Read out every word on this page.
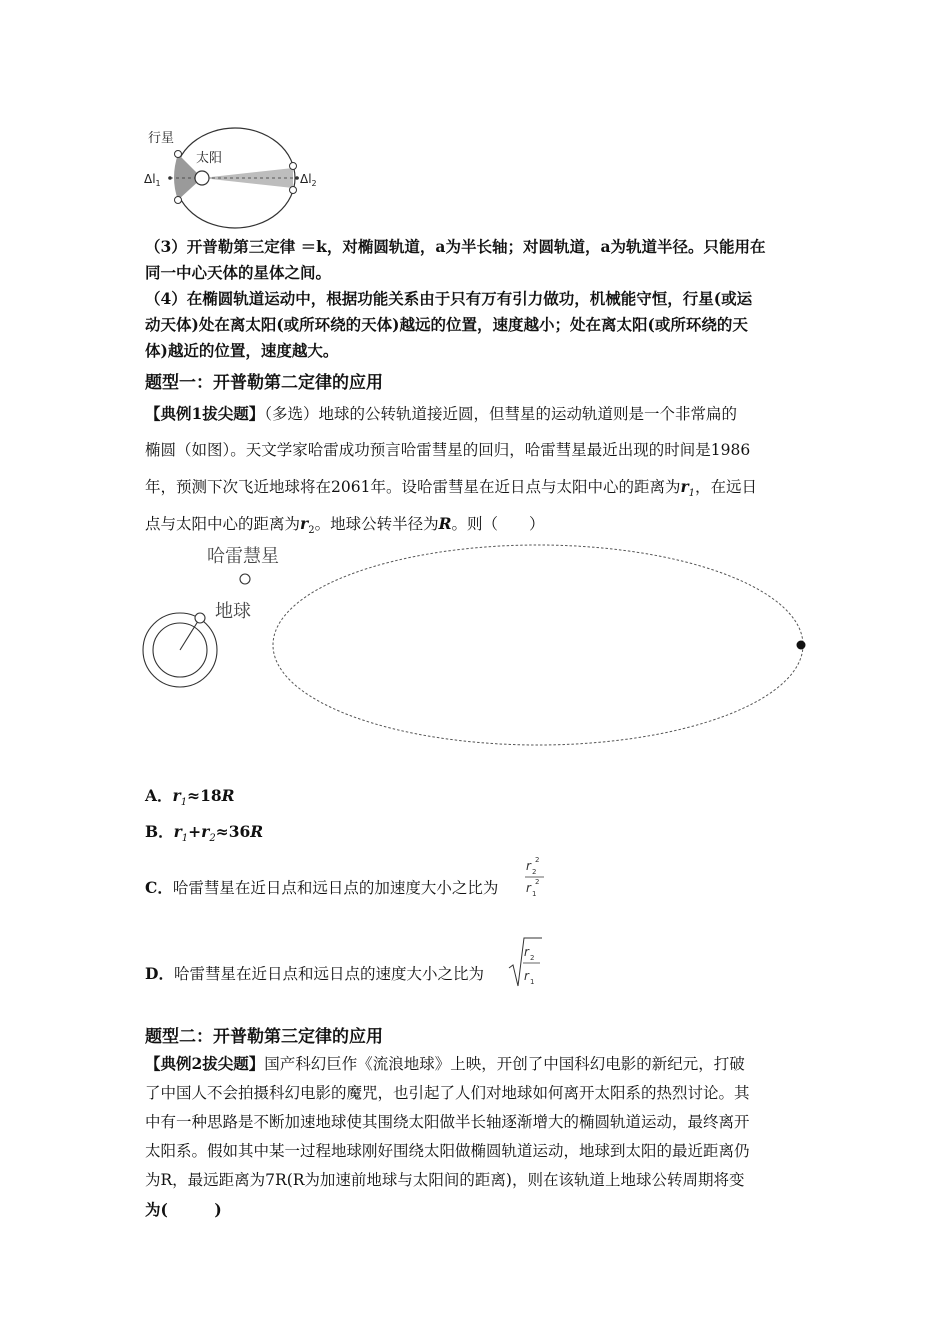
行星
太阳
$\Delta l_1$	$\Delta l_2$
（3）开普勒第三定律 ＝k，对椭圆轨道，a为半长轴；对圆轨道，a为轨道半径。只能用在
同一中心天体的星体之间。
（4）在椭圆轨道运动中，根据功能关系由于只有万有引力做功，机械能守恒，行星(或运
动天体)处在离太阳(或所环绕的天体)越远的位置，速度越小；处在离太阳(或所环绕的天
体)越近的位置，速度越大。
题型一：开普勒第二定律的应用
【典例1拔尖题】（多选）地球的公转轨道接近圆，但彗星的运动轨道则是一个非常扁的
椭圆（如图）。天文学家哈雷成功预言哈雷彗星的回归，哈雷彗星最近出现的时间是1986
年，预测下次飞近地球将在2061年。设哈雷彗星在近日点与太阳中心的距离为$r_1$，在远日
点与太阳中心的距离为$r_2$。地球公转半径为R。则（　　）
哈雷慧星
地球
A．$r_1\approx 18R$
B．$r_1+r_2\approx 36R$
C．哈雷彗星在近日点和远日点的加速度大小之比为
r 2
2
r 1
2
D．哈雷彗星在近日点和远日点的速度大小之比为
r 2
r 1
题型二：开普勒第三定律的应用
【典例2拔尖题】国产科幻巨作《流浪地球》上映，开创了中国科幻电影的新纪元，打破
了中国人不会拍摄科幻电影的魔咒，也引起了人们对地球如何离开太阳系的热烈讨论。其
中有一种思路是不断加速地球使其围绕太阳做半长轴逐渐增大的椭圆轨道运动，最终离开
太阳系。假如其中某一过程地球刚好围绕太阳做椭圆轨道运动，地球到太阳的最近距离仍
为R，最远距离为7R(R为加速前地球与太阳间的距离)，则在该轨道上地球公转周期将变
为(　　　)
